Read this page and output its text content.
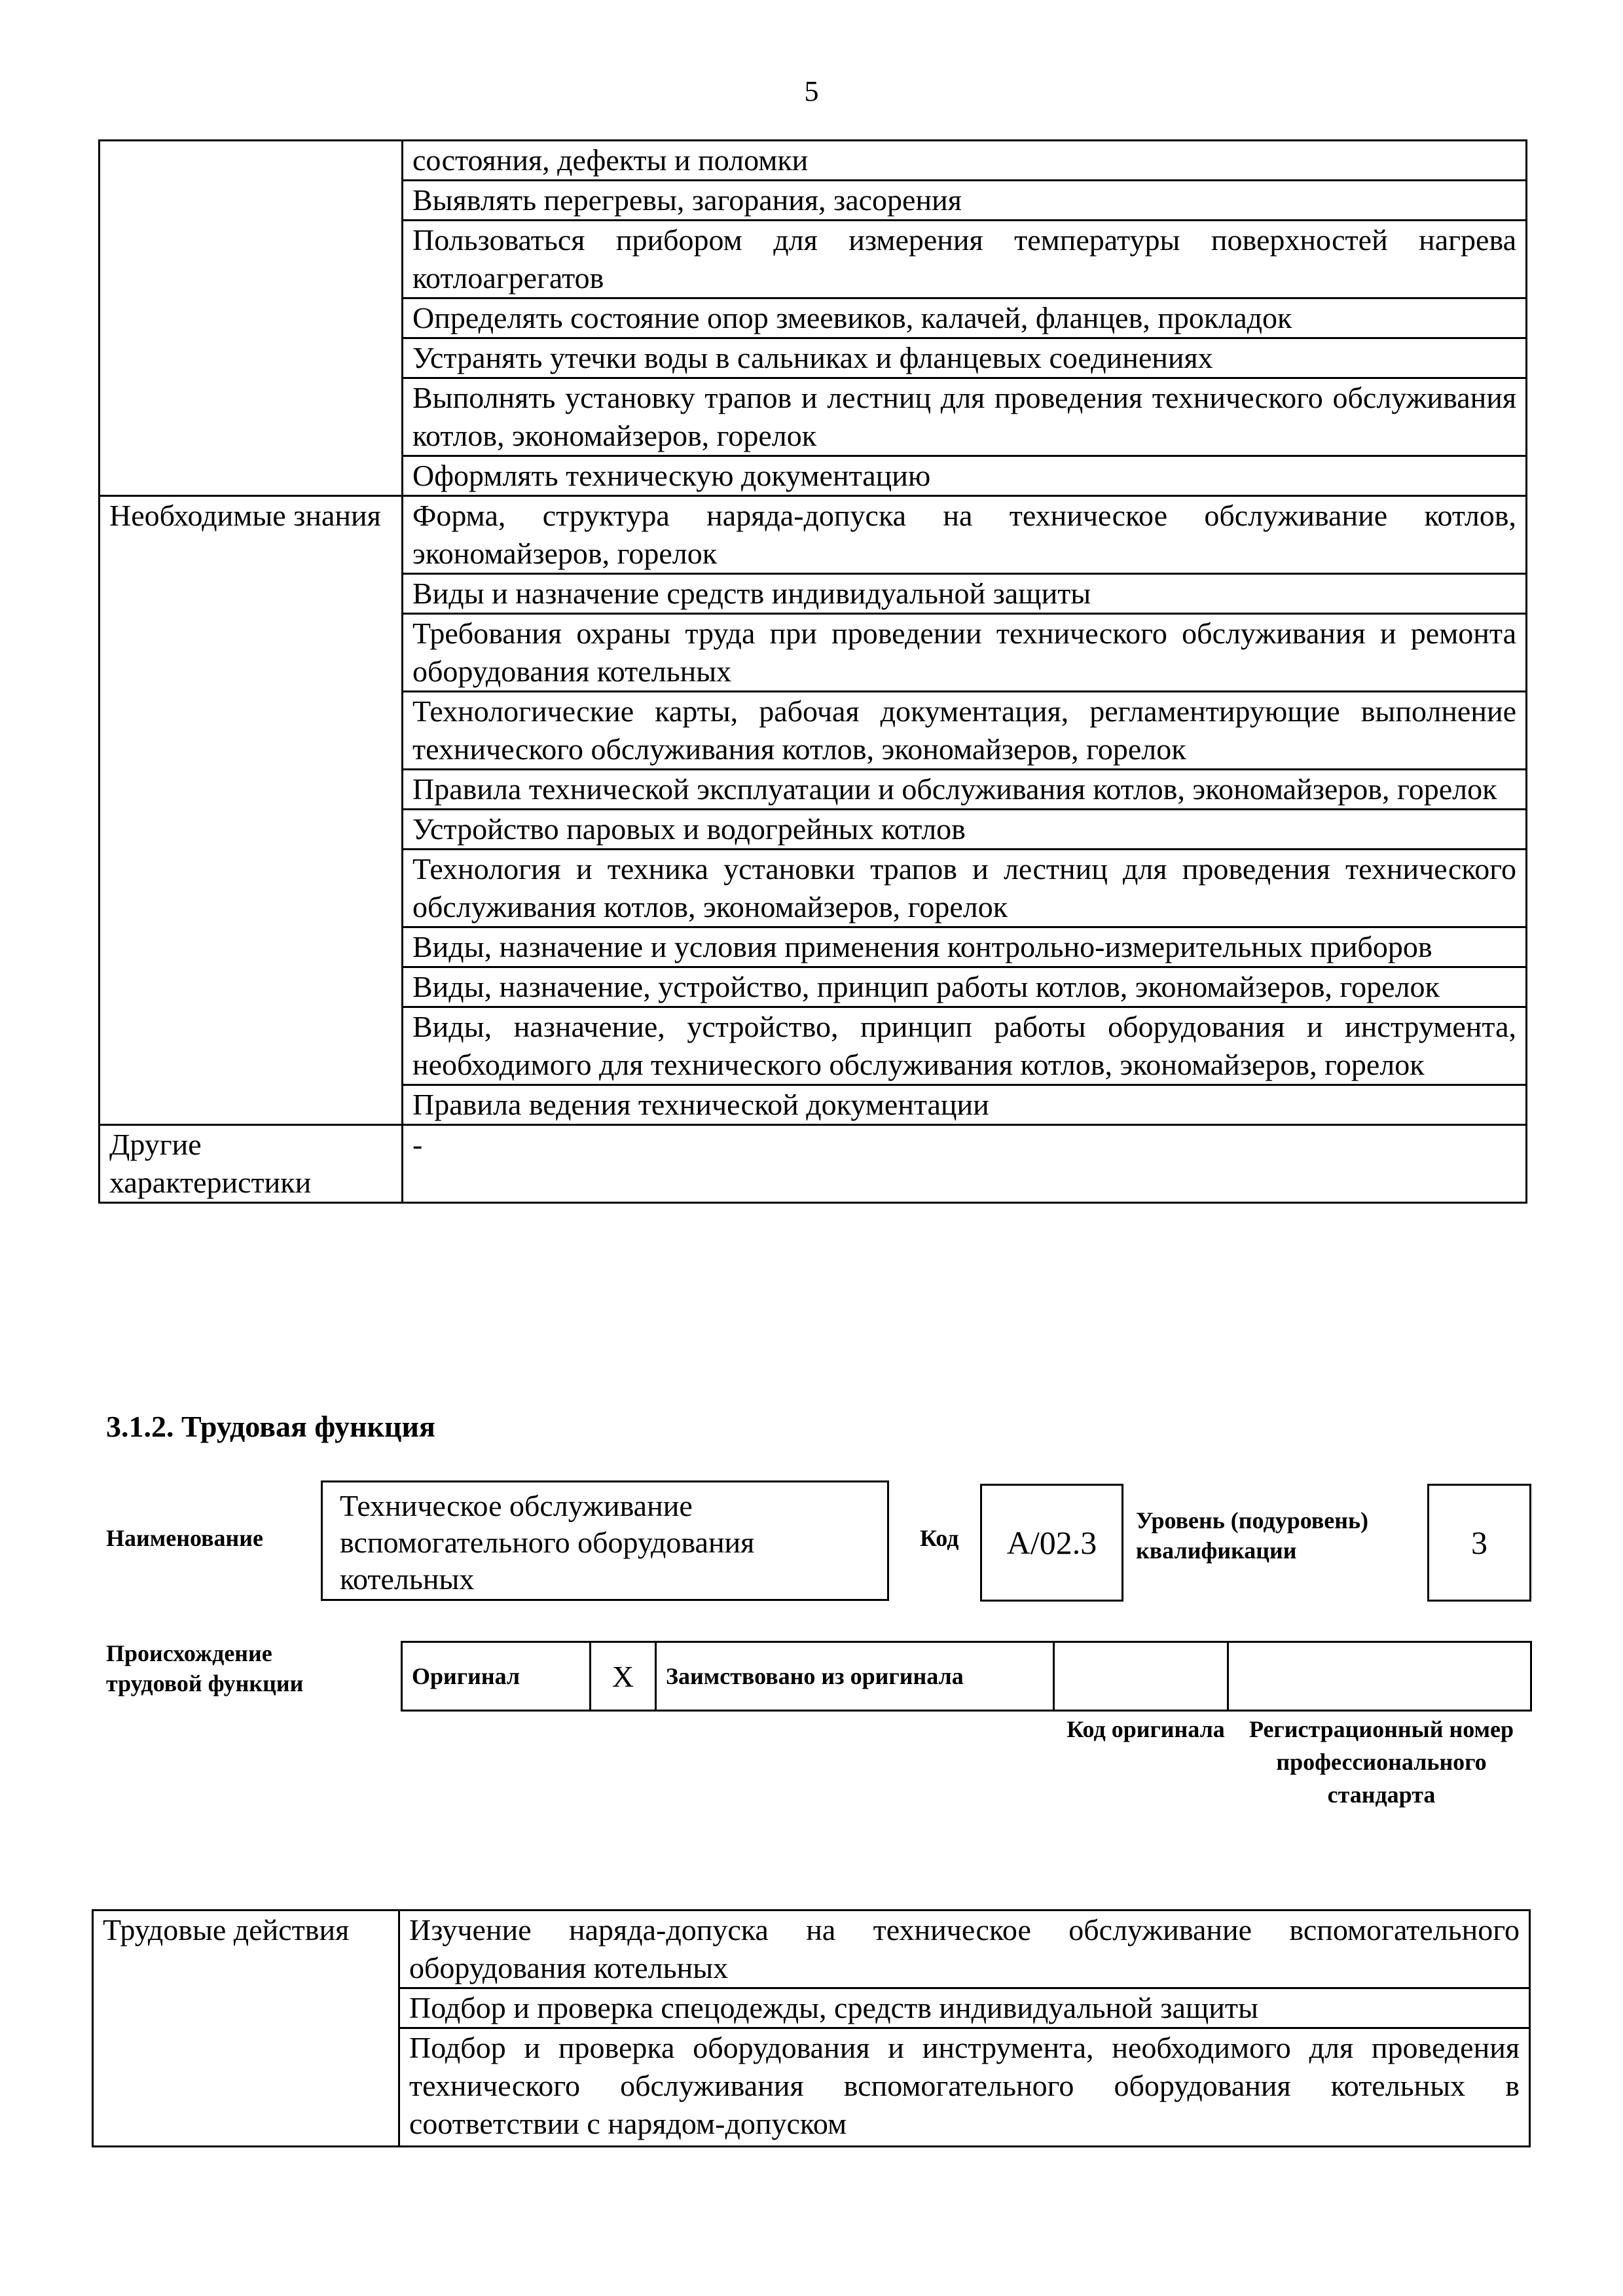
5
	состояния, дефекты и поломки
	Выявлять перегревы, загорания, засорения
	Пользоваться прибором для измерения температуры поверхностей нагрева котлоагрегатов
	Определять состояние опор змеевиков, калачей, фланцев, прокладок
	Устранять утечки воды в сальниках и фланцевых соединениях
	Выполнять установку трапов и лестниц для проведения технического обслуживания котлов, экономайзеров, горелок
	Оформлять техническую документацию
Необходимые знания	Форма, структура наряда-допуска на техническое обслуживание котлов, экономайзеров, горелок
	Виды и назначение средств индивидуальной защиты
	Требования охраны труда при проведении технического обслуживания и ремонта оборудования котельных
	Технологические карты, рабочая документация, регламентирующие выполнение технического обслуживания котлов, экономайзеров, горелок
	Правила технической эксплуатации и обслуживания котлов, экономайзеров, горелок
	Устройство паровых и водогрейных котлов
	Технология и техника установки трапов и лестниц для проведения технического обслуживания котлов, экономайзеров, горелок
	Виды, назначение и условия применения контрольно-измерительных приборов
	Виды, назначение, устройство, принцип работы котлов, экономайзеров, горелок
	Виды, назначение, устройство, принцип работы оборудования и инструмента, необходимого для технического обслуживания котлов, экономайзеров, горелок
	Правила ведения технической документации
Другие характеристики	-
3.1.2. Трудовая функция
Наименование
Техническое обслуживание вспомогательного оборудования котельных
Код	А/02.3
Уровень (подуровень) квалификации	3
Происхождение трудовой функции	Оригинал	X	Заимствовано из оригинала		
Код оригинала	Регистрационный номер профессионального стандарта
Трудовые действия	Изучение наряда-допуска на техническое обслуживание вспомогательного оборудования котельных
Подбор и проверка спецодежды, средств индивидуальной защиты
Подбор и проверка оборудования и инструмента, необходимого для проведения технического обслуживания вспомогательного оборудования котельных в соответствии с нарядом-допуском
